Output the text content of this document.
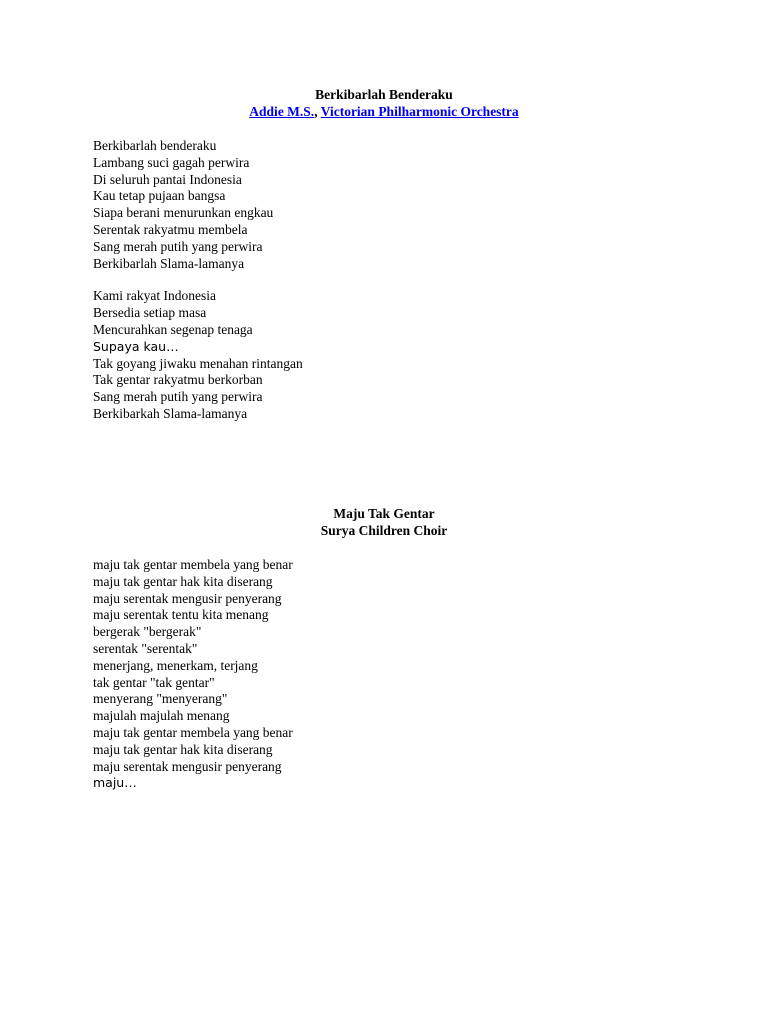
Berkibarlah Benderaku

Addie M.S., Victorian Philharmonic Orchestra

Berkibarlah benderaku
Lambang suci gagah perwira
Di seluruh pantai Indonesia
Kau tetap pujaan bangsa
Siapa berani menurunkan engkau
Serentak rakyatmu membela
Sang merah putih yang perwira
Berkibarlah Slama-lamanya
Kami rakyat Indonesia
Bersedia setiap masa
Mencurahkan segenap tenaga
Supaya kau…
Tak goyang jiwaku menahan rintangan
Tak gentar rakyatmu berkorban
Sang merah putih yang perwira
Berkibarkah Slama-lamanya

Maju Tak Gentar

Surya Children Choir

maju tak gentar membela yang benar
maju tak gentar hak kita diserang
maju serentak mengusir penyerang
maju serentak tentu kita menang
bergerak "bergerak"
serentak "serentak"
menerjang, menerkam, terjang
tak gentar "tak gentar"
menyerang "menyerang"
majulah majulah menang
maju tak gentar membela yang benar
maju tak gentar hak kita diserang
maju serentak mengusir penyerang
maju…
